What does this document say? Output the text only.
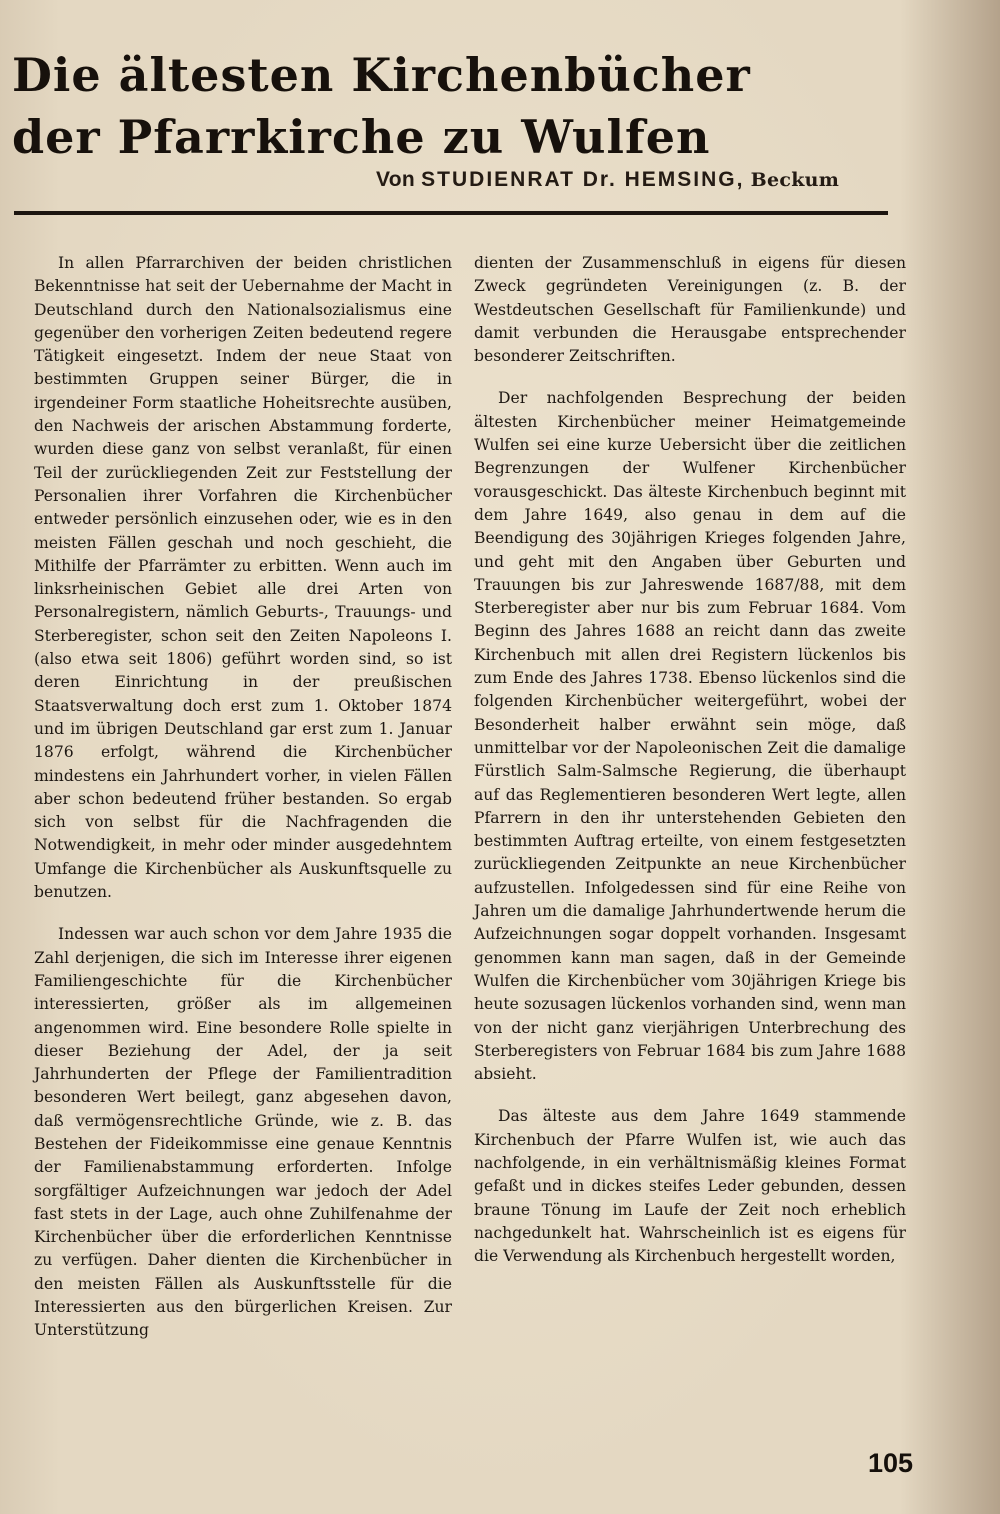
Die ältesten Kirchenbücher
der Pfarrkirche zu Wulfen
Von STUDIENRAT Dr. HEMSING, Beckum

In allen Pfarrarchiven der beiden christlichen Bekenntnisse hat seit der Uebernahme der Macht in Deutschland durch den Nationalsozialismus eine gegenüber den vorherigen Zeiten bedeutend regere Tätigkeit eingesetzt. Indem der neue Staat von bestimmten Gruppen seiner Bürger, die in irgendeiner Form staatliche Hoheitsrechte ausüben, den Nachweis der arischen Abstammung forderte, wurden diese ganz von selbst veranlaßt, für einen Teil der zurückliegenden Zeit zur Feststellung der Personalien ihrer Vorfahren die Kirchenbücher entweder persönlich einzusehen oder, wie es in den meisten Fällen geschah und noch geschieht, die Mithilfe der Pfarrämter zu erbitten. Wenn auch im linksrheinischen Gebiet alle drei Arten von Personalregistern, nämlich Geburts-, Trauungs- und Sterberegister, schon seit den Zeiten Napoleons I. (also etwa seit 1806) geführt worden sind, so ist deren Einrichtung in der preußischen Staatsverwaltung doch erst zum 1. Oktober 1874 und im übrigen Deutschland gar erst zum 1. Januar 1876 erfolgt, während die Kirchenbücher mindestens ein Jahrhundert vorher, in vielen Fällen aber schon bedeutend früher bestanden. So ergab sich von selbst für die Nachfragenden die Notwendigkeit, in mehr oder minder ausgedehntem Umfange die Kirchenbücher als Auskunftsquelle zu benutzen.

Indessen war auch schon vor dem Jahre 1935 die Zahl derjenigen, die sich im Interesse ihrer eigenen Familiengeschichte für die Kirchenbücher interessierten, größer als im allgemeinen angenommen wird. Eine besondere Rolle spielte in dieser Beziehung der Adel, der ja seit Jahrhunderten der Pflege der Familientradition besonderen Wert beilegt, ganz abgesehen davon, daß vermögensrechtliche Gründe, wie z. B. das Bestehen der Fideikommisse eine genaue Kenntnis der Familienabstammung erforderten. Infolge sorgfältiger Aufzeichnungen war jedoch der Adel fast stets in der Lage, auch ohne Zuhilfenahme der Kirchenbücher über die erforderlichen Kenntnisse zu verfügen. Daher dienten die Kirchenbücher in den meisten Fällen als Auskunftsstelle für die Interessierten aus den bürgerlichen Kreisen. Zur Unterstützung

dienten der Zusammenschluß in eigens für diesen Zweck gegründeten Vereinigungen (z. B. der Westdeutschen Gesellschaft für Familienkunde) und damit verbunden die Herausgabe entsprechender besonderer Zeitschriften.

Der nachfolgenden Besprechung der beiden ältesten Kirchenbücher meiner Heimatgemeinde Wulfen sei eine kurze Uebersicht über die zeitlichen Begrenzungen der Wulfener Kirchenbücher vorausgeschickt. Das älteste Kirchenbuch beginnt mit dem Jahre 1649, also genau in dem auf die Beendigung des 30jährigen Krieges folgenden Jahre, und geht mit den Angaben über Geburten und Trauungen bis zur Jahreswende 1687/88, mit dem Sterberegister aber nur bis zum Februar 1684. Vom Beginn des Jahres 1688 an reicht dann das zweite Kirchenbuch mit allen drei Registern lückenlos bis zum Ende des Jahres 1738. Ebenso lückenlos sind die folgenden Kirchenbücher weitergeführt, wobei der Besonderheit halber erwähnt sein möge, daß unmittelbar vor der Napoleonischen Zeit die damalige Fürstlich Salm-Salmsche Regierung, die überhaupt auf das Reglementieren besonderen Wert legte, allen Pfarrern in den ihr unterstehenden Gebieten den bestimmten Auftrag erteilte, von einem festgesetzten zurückliegenden Zeitpunkte an neue Kirchenbücher aufzustellen. Infolgedessen sind für eine Reihe von Jahren um die damalige Jahrhundertwende herum die Aufzeichnungen sogar doppelt vorhanden. Insgesamt genommen kann man sagen, daß in der Gemeinde Wulfen die Kirchenbücher vom 30jährigen Kriege bis heute sozusagen lückenlos vorhanden sind, wenn man von der nicht ganz vierjährigen Unterbrechung des Sterberegisters von Februar 1684 bis zum Jahre 1688 absieht.

Das älteste aus dem Jahre 1649 stammende Kirchenbuch der Pfarre Wulfen ist, wie auch das nachfolgende, in ein verhältnismäßig kleines Format gefaßt und in dickes steifes Leder gebunden, dessen braune Tönung im Laufe der Zeit noch erheblich nachgedunkelt hat. Wahrscheinlich ist es eigens für die Verwendung als Kirchenbuch hergestellt worden,

105
